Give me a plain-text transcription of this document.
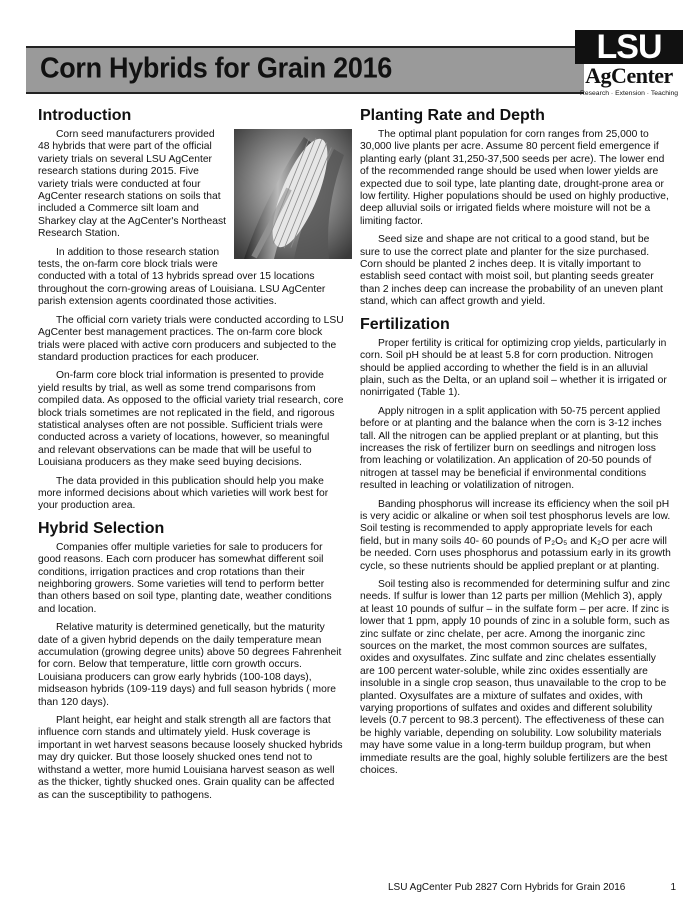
Corn Hybrids for Grain 2016
LSU
AgCenter
Research · Extension · Teaching
Introduction

Corn seed manufacturers provided 48 hybrids that were part of the official variety trials on several LSU AgCenter research stations during 2015. Five variety trials were conducted at four AgCenter research stations on soils that included a Commerce silt loam and Sharkey clay at the AgCenter's Northeast Research Station.

In addition to those research station tests, the on-farm core block trials were conducted with a total of 13 hybrids spread over 15 locations throughout the corn-growing areas of Louisiana. LSU AgCenter parish extension agents coordinated those activities.

The official corn variety trials were conducted according to LSU AgCenter best management practices. The on-farm core block trials were placed with active corn producers and subjected to the standard production practices for each producer.

On-farm core block trial information is presented to provide yield results by trial, as well as some trend comparisons from compiled data. As opposed to the official variety trial research, core block trials sometimes are not replicated in the field, and rigorous statistical analyses often are not possible. Sufficient trials were conducted across a variety of locations, however, so meaningful and relevant observations can be made that will be useful to Louisiana producers as they make seed buying decisions.

The data provided in this publication should help you make more informed decisions about which varieties will work best for your production area.

Hybrid Selection

Companies offer multiple varieties for sale to producers for good reasons. Each corn producer has somewhat different soil conditions, irrigation practices and crop rotations than their neighboring growers. Some varieties will tend to perform better than others based on soil type, planting date, weather conditions and location.

Relative maturity is determined genetically, but the maturity date of a given hybrid depends on the daily temperature mean accumulation (growing degree units) above 50 degrees Fahrenheit for corn. Below that temperature, little corn growth occurs. Louisiana producers can grow early hybrids (100-108 days), midseason hybrids (109-119 days) and full season hybrids ( more than 120 days).

Plant height, ear height and stalk strength all are factors that influence corn stands and ultimately yield. Husk coverage is important in wet harvest seasons because loosely shucked hybrids may dry quicker. But those loosely shucked ones tend not to withstand a wetter, more humid Louisiana harvest season as well as the thicker, tightly shucked ones. Grain quality can be affected as can the susceptibility to pathogens.

Planting Rate and Depth

The optimal plant population for corn ranges from 25,000 to 30,000 live plants per acre. Assume 80 percent field emergence if planting early (plant 31,250-37,500 seeds per acre). The lower end of the recommended range should be used when lower yields are expected due to soil type, late planting date, drought-prone area or low fertility. Higher populations should be used on highly productive, deep alluvial soils or irrigated fields where moisture will not be a limiting factor.

Seed size and shape are not critical to a good stand, but be sure to use the correct plate and planter for the size purchased. Corn should be planted 2 inches deep. It is vitally important to establish seed contact with moist soil, but planting seeds greater than 2 inches deep can increase the probability of an uneven plant stand, which can affect growth and yield.

Fertilization

Proper fertility is critical for optimizing crop yields, particularly in corn. Soil pH should be at least 5.8 for corn production. Nitrogen should be applied according to whether the field is in an alluvial plain, such as the Delta, or an upland soil – whether it is irrigated or nonirrigated (Table 1).

Apply nitrogen in a split application with 50-75 percent applied before or at planting and the balance when the corn is 3-12 inches tall. All the nitrogen can be applied preplant or at planting, but this increases the risk of fertilizer burn on seedlings and nitrogen loss from leaching or volatilization. An application of 20-50 pounds of nitrogen at tassel may be beneficial if environmental conditions resulted in leaching or volatilization of nitrogen.

Banding phosphorus will increase its efficiency when the soil pH is very acidic or alkaline or when soil test phosphorus levels are low. Soil testing is recommended to apply appropriate levels for each field, but in many soils 40- 60 pounds of P₂O₅ and K₂O per acre will be needed. Corn uses phosphorus and potassium early in its growth cycle, so these nutrients should be applied preplant or at planting.

Soil testing also is recommended for determining sulfur and zinc needs. If sulfur is lower than 12 parts per million (Mehlich 3), apply at least 10 pounds of sulfur – in the sulfate form – per acre. If zinc is lower that 1 ppm, apply 10 pounds of zinc in a soluble form, such as zinc sulfate or zinc chelate, per acre. Among the inorganic zinc sources on the market, the most common sources are sulfates, oxides and oxysulfates. Zinc sulfate and zinc chelates essentially are 100 percent water-soluble, while zinc oxides essentially are insoluble in a single crop season, thus unavailable to the crop to be planted. Oxysulfates are a mixture of sulfates and oxides, with varying proportions of sulfates and oxides and different solubility levels (0.7 percent to 98.3 percent). The effectiveness of these can be highly variable, depending on solubility. Low solubility materials may have some value in a long-term buildup program, but when immediate results are the goal, highly soluble fertilizers are the best choices.

LSU AgCenter Pub 2827 Corn Hybrids for Grain 2016	1
